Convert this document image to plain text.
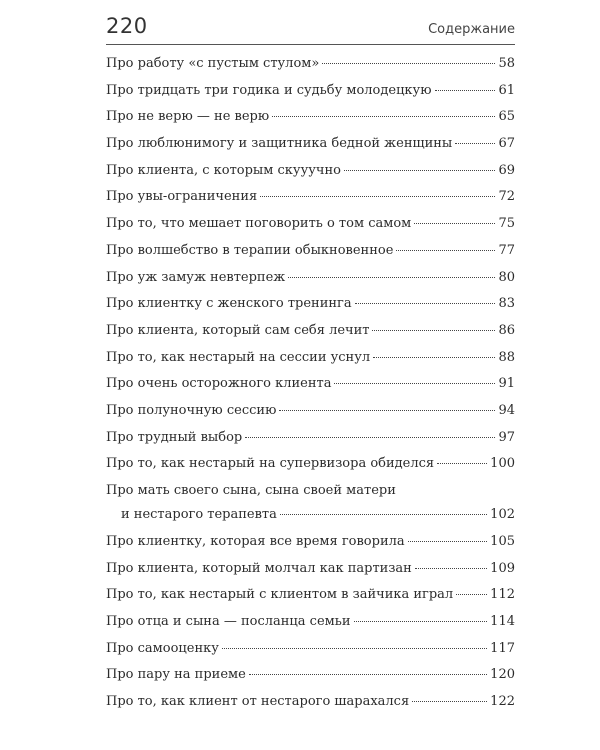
220	Содержание
Про работу «с пустым стулом»	58
Про тридцать три годика и судьбу молодецкую	61
Про не верю — не верю	65
Про люблюнимогу и защитника бедной женщины	67
Про клиента, с которым скууучно	69
Про увы-ограничения	72
Про то, что мешает поговорить о том самом	75
Про волшебство в терапии обыкновенное	77
Про уж замуж невтерпеж	80
Про клиентку с женского тренинга	83
Про клиента, который сам себя лечит	86
Про то, как нестарый на сессии уснул	88
Про очень осторожного клиента	91
Про полуночную сессию	94
Про трудный выбор	97
Про то, как нестарый на супервизора обиделся	100
Про мать своего сына, сына своей матери
и нестарого терапевта	102
Про клиентку, которая все время говорила	105
Про клиента, который молчал как партизан	109
Про то, как нестарый с клиентом в зайчика играл	112
Про отца и сына — посланца семьи	114
Про самооценку	117
Про пару на приеме	120
Про то, как клиент от нестарого шарахался	122
